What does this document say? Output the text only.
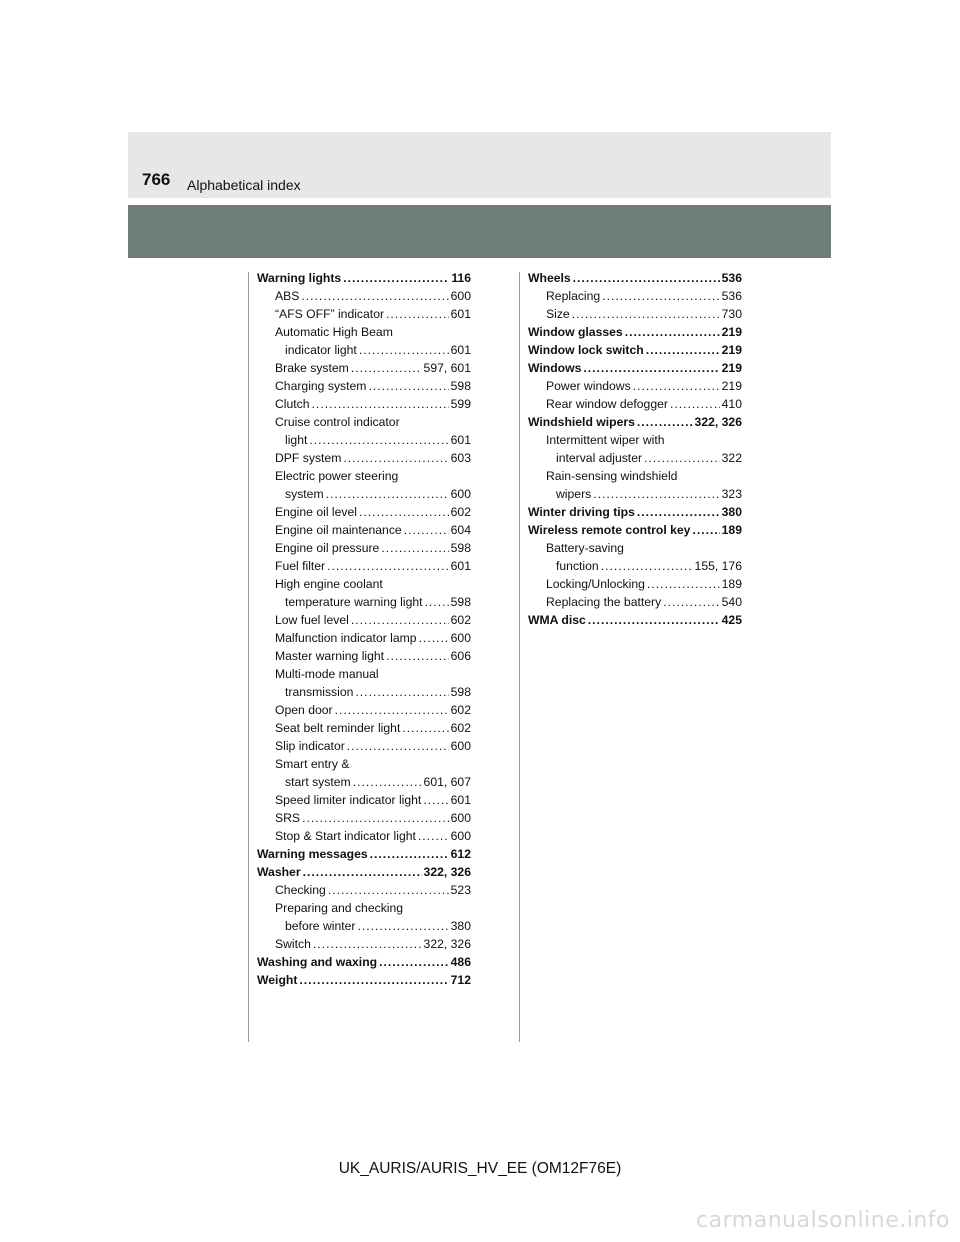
766 Alphabetical index
Warning lights .....	116
ABS .....	600
“AFS OFF” indicator .....	601
Automatic High Beam
indicator light .....	601
Brake system .....	597, 601
Charging system .....	598
Clutch .....	599
Cruise control indicator
light .....	601
DPF system .....	603
Electric power steering
system .....	600
Engine oil level .....	602
Engine oil maintenance .....	604
Engine oil pressure .....	598
Fuel filter .....	601
High engine coolant
temperature warning light ..... 598
Low fuel level .....	602
Malfunction indicator lamp .....	600
Master warning light .....	606
Multi-mode manual
transmission .....	598
Open door .....	602
Seat belt reminder light .....	602
Slip indicator .....	600
Smart entry &
start system .....	601, 607
Speed limiter indicator light ..... 601
SRS .....	600
Stop & Start indicator light .....	600
Warning messages .....	612
Washer .....	322, 326
Checking .....	523
Preparing and checking
before winter .....	380
Switch .....	322, 326
Washing and waxing .....	486
Weight .....	712
Wheels .....	536
Replacing .....	536
Size .....	730
Window glasses .....	219
Window lock switch .....	219
Windows .....	219
Power windows .....	219
Rear window defogger .....	410
Windshield wipers .....	322, 326
Intermittent wiper with
interval adjuster .....	322
Rain-sensing windshield
wipers .....	323
Winter driving tips .....	380
Wireless remote control key .....	189
Battery-saving
function .....	155, 176
Locking/Unlocking .....	189
Replacing the battery .....	540
WMA disc .....	425
UK_AURIS/AURIS_HV_EE (OM12F76E)
carmanualsonline.info
